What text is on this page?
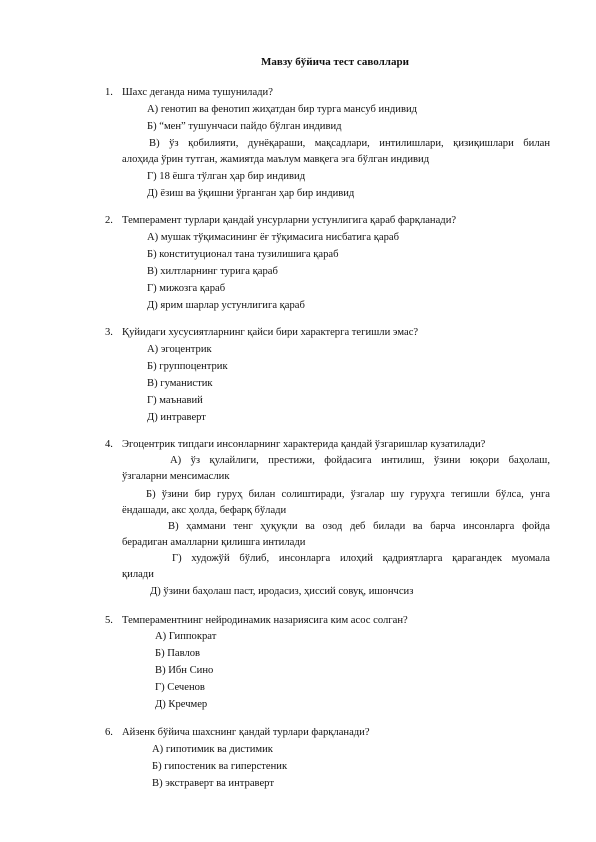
Мавзу бўйича тест саволлари
1. Шахс деганда нима тушунилади?
А) генотип ва фенотип жиҳатдан бир турга мансуб индивид
Б) “мен” тушунчаси пайдо бўлган индивид
В) ўз қобилияти, дунёқараши, мақсадлари, интилишлари, қизиқишлари билан
алоҳида ўрин тутган, жамиятда маълум мавқега эга бўлган индивид
Г) 18 ёшга тўлган ҳар бир индивид
Д) ёзиш ва ўқишни ўрганган ҳар бир индивид
2. Темперамент турлари қандай унсурларни устунлигига қараб фарқланади?
А) мушак тўқимасининг ёғ тўқимасига нисбатига қараб
Б) конституционал тана тузилишига қараб
В) хилтларнинг турига қараб
Г) мижозга қараб
Д) ярим шарлар устунлигига қараб
3. Қуйидаги хусусиятларнинг қайси бири характерга тегишли эмас?
А) эгоцентрик
Б) группоцентрик
В) гуманистик
Г) маънавий
Д) интраверт
4. Эгоцентрик типдаги инсонларнинг характерида қандай ўзгаришлар кузатилади?
А) ўз қулайлиги, престижи, фойдасига интилиш, ўзини юқори баҳолаш,
ўзгаларни менсимаслик
Б) ўзини бир гуруҳ билан солиштиради, ўзгалар шу гуруҳга тегишли бўлса, унга
ёндашади, акс ҳолда, бефарқ бўлади
В) ҳаммани тенг ҳуқуқли ва озод деб билади ва барча инсонларга фойда
берадиган амалларни қилишга интилади
Г) художўй бўлиб, инсонларга илоҳий қадриятларга қарагандек муомала
қилади
Д) ўзини баҳолаш паст, иродасиз, ҳиссий совуқ, ишончсиз
5. Темпераментнинг нейродинамик назариясига ким асос солган?
А) Гиппократ
Б) Павлов
В) Ибн Сино
Г) Сеченов
Д) Кречмер
6. Айзенк бўйича шахснинг қандай турлари фарқланади?
А) гипотимик ва дистимик
Б) гипостеник ва гиперстеник
В) экстраверт ва интраверт
